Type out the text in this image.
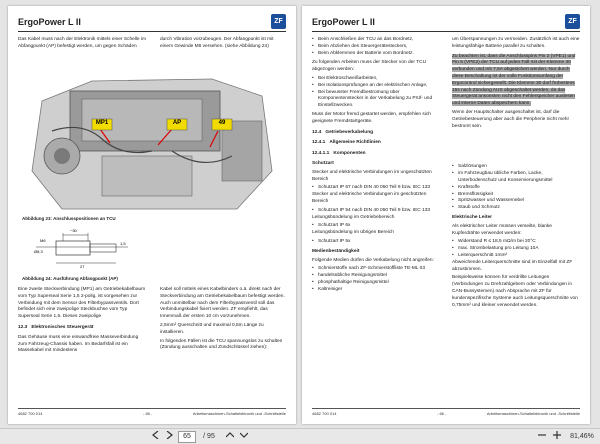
ErgoPower L II	ZF

Das Kabel muss nach der Elektronik mittels einer Schelle im Abfangpunkt (AP) befestigt werden, um gegen Schäden

durch Vibration vorzubeugen. Der Abfangpunkt ist mit einem Gewinde M6 versehen. (siehe Abbildung 24)

MP1	AP	49
Abbildung 23: Anschlusspositionen an TCU
~30
M6
Ø8,3
27
1,5
Abbildung 24: Ausführung Abfangpunkt (AP)

Eine zweite Steckverbindung (MP1) am Getriebekabelbaum vom Typ Superseal Serie 1,5 2-polig, ist vorgesehen zur Verbindung mit dem Sensor des Filterbypassventils. Dort befindet sich eine zweipolige Steckbuchse vom Typ Superseal Serie 1,5. Dieses zweipolige

12.3 Elektronisches Steuergerät

Das Gehäuse muss eine einwandfreie Masseverbindung zum Fahrzeug-Chassis haben. Im Bedarfsfall ist ein Massekabel mit mindestens

Kabel soll mittels eines Kabelbinders o.ä. direkt nach der Steckverbindung am Getriebekabelbaum befestigt werden. Auch unmittelbar nach dem Filterbypassventil soll das Verbindungskabel fixiert werden. ZF empfiehlt, das Innenmaß der ersten 10 cm vorzunehmen.

2,5mm² Querschnitt und maximal 0,5m Länge zu installieren.

In folgenden Fällen ist die TCU spannungslos zu schalten (Zündung ausschalten und Zündschlüssel ziehen):

4682 700 014	- 65 -	Arbeitsmaschinen-Schaltelektronik und -Schnittstelle
ErgoPower L II	ZF
• Beim Anschließen der TCU an das Bordnetz,
• Beim Abziehen des Steuergerätesteckers,
• Beim Abklemmen der Batterie vom Bordnetz.

Zu folgenden Arbeiten muss der Stecker von der TCU abgezogen werden:

• Bei Elektroschweißarbeiten,
• Bei Isolationsprüfungen an der elektrischen Anlage,
• Bei bewusster Fremdbestromung über Komponentenstecker in der Verkabelung zu Prüf- und Einstellzwecken.

Muss der Motor fremd gestartet werden, empfehlen sich geeignete Fremdstartgeräte.

12.4 Getriebeverkabelung
12.4.1 Allgemeine Richtlinien
12.4.1.1 Komponenten
Schutzart

Stecker und elektrische Verbindungen im ungeschützten Bereich

• Schutzart IP 67 nach DIN 40 050 Teil 9 bzw. IEC 133

Stecker und elektrische Verbindungen im geschützten Bereich

• Schutzart IP 54 nach DIN 40 050 Teil 9 bzw. IEC 133

Leitungsbündelung im Getriebebereich

• Schutzart IP 6x

Leitungsbündelung im übrigen Bereich

• Schutzart IP 5x
Medienbeständigkeit

Folgende Medien dürfen die Verkabelung nicht angreifen:

• Schmierstoffe nach ZF-Schmierstoffliste TE-ML 03
• handelsübliche Reinigungsmittel
• phosphathaltige Reinigungsmittel
• Kaltreiniger

um Überspannungen zu vermeiden. Zusätzlich ist auch eine leistungsfähige Batterie parallel zu schalten.

Zu beachten ist, dass die Anschlusspins Pin 2 (VPE1) und Pin 5 (VPE2) der TCU auf jeden Fall mit der Klemme 30 verbunden und mit 7,5A abgesichert werden. Nur durch diese Beschaltung ist der volle Funktionsumfang der Ergocontrol sichergestellt. Die Klemme 30 darf frühestens 15s nach Zündung AUS abgeschaltet werden, da das Steuergerät ansonsten nicht den Fehlerspeicher auslesen und interne Daten abspeichern kann.

Wenn der Hauptschalter ausgeschaltet ist, darf die Getriebesteuerung aber auch die Peripherie nicht mehr bestromt sein.

• Salzlösungen
• im Fahrzeugbau übliche Farben, Lacke, Unterbodenschutz und Konservierungsmittel
• Kraftstoffe
• Bremsflüssigkeit
• Spritzwasser und Wassernebel
• Staub und Schmutz
Elektrische Leiter

Als elektrischer Leiter müssen verseilte, blanke Kupferdrähte verwendet werden:

• Widerstand R ≤ 18,5 mΩ/m bei 20°C
• max. Strombelastung pro Leitung 10A
• Leiterquerschnitt 1mm²

Abweichende Leiterquerschnitte sind im Einzelfall mit ZF abzustimmen.

Beispielsweise können für verdrillte Leitungen (Verbindungen zu Drehzahlgebern oder Verbindungen in CAN-Bussystemen) nach Absprache mit ZF für kundenspezifische Systeme auch Leitungsquerschnitte von 0,75mm² und kleiner verwendet werden.

4682 700 014	- 66 -	Arbeitsmaschinen-Schaltelektronik und -Schnittstelle
65	/ 95	81,46%
